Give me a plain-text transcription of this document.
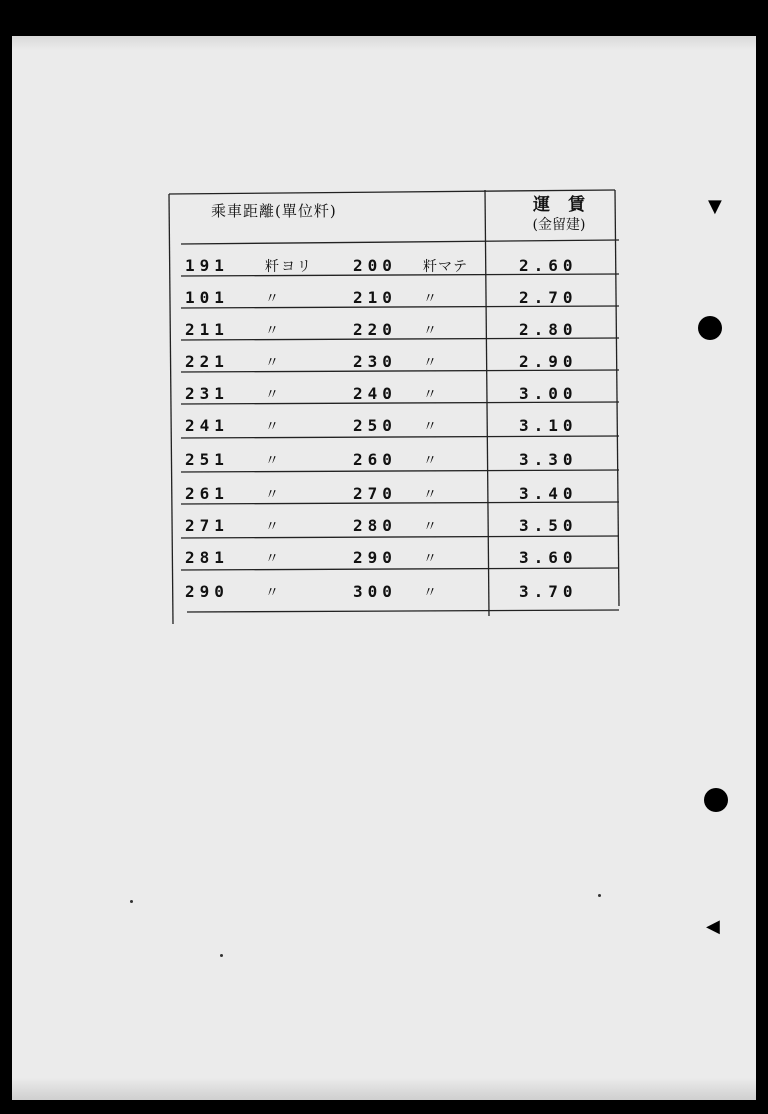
乘車距離(單位粁)	運 賃
(金留建)
191	粁ヨリ	200 粁マテ	2.60
101	〃	210 〃	2.70
211	〃	220 〃	2.80
221	〃	230 〃	2.90
231	〃	240 〃	3.00
241	〃	250 〃	3.10
251	〃	260 〃	3.30
261	〃	270 〃	3.40
271	〃	280 〃	3.50
281	〃	290 〃	3.60
290	〃	300 〃	3.70
▼
◀
